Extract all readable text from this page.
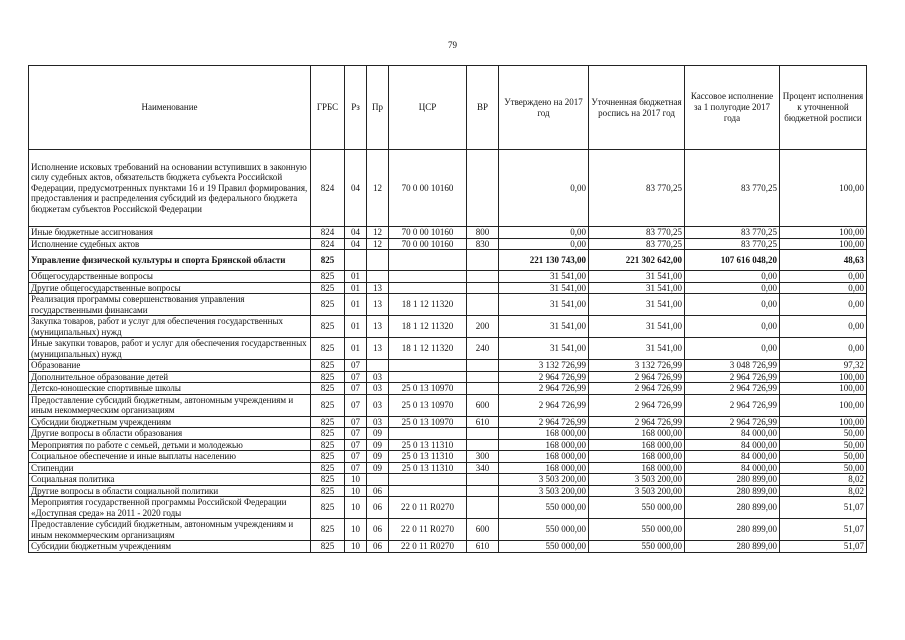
79
Наименование	ГРБС	Рз	Пр	ЦСР	ВР	Утверждено на 2017 год	Уточненная бюджетная роспись на 2017 год	Кассовое исполнение за 1 полугодие 2017 года	Процент исполнения к уточненной бюджетной росписи
Исполнение исковых требований на основании вступивших в законную силу судебных актов, обязательств бюджета субъекта Российской Федерации, предусмотренных пунктами 16 и 19 Правил формирования, предоставления и распределения субсидий из федерального бюджета бюджетам субъектов Российской Федерации	824	04	12	70 0 00 10160		0,00	83 770,25	83 770,25	100,00
Иные бюджетные ассигнования	824	04	12	70 0 00 10160	800	0,00	83 770,25	83 770,25	100,00
Исполнение судебных актов	824	04	12	70 0 00 10160	830	0,00	83 770,25	83 770,25	100,00
Управление физической культуры и спорта Брянской области	825					221 130 743,00	221 302 642,00	107 616 048,20	48,63
Общегосударственные вопросы	825	01				31 541,00	31 541,00	0,00	0,00
Другие общегосударственные вопросы	825	01	13			31 541,00	31 541,00	0,00	0,00
Реализация программы совершенствования управления государственными финансами	825	01	13	18 1 12 11320		31 541,00	31 541,00	0,00	0,00
Закупка товаров, работ и услуг для обеспечения государственных (муниципальных) нужд	825	01	13	18 1 12 11320	200	31 541,00	31 541,00	0,00	0,00
Иные закупки товаров, работ и услуг для обеспечения государственных (муниципальных) нужд	825	01	13	18 1 12 11320	240	31 541,00	31 541,00	0,00	0,00
Образование	825	07				3 132 726,99	3 132 726,99	3 048 726,99	97,32
Дополнительное образование детей	825	07	03			2 964 726,99	2 964 726,99	2 964 726,99	100,00
Детско-юношеские спортивные школы	825	07	03	25 0 13 10970		2 964 726,99	2 964 726,99	2 964 726,99	100,00
Предоставление субсидий бюджетным, автономным учреждениям и иным некоммерческим организациям	825	07	03	25 0 13 10970	600	2 964 726,99	2 964 726,99	2 964 726,99	100,00
Субсидии бюджетным учреждениям	825	07	03	25 0 13 10970	610	2 964 726,99	2 964 726,99	2 964 726,99	100,00
Другие вопросы в области образования	825	07	09			168 000,00	168 000,00	84 000,00	50,00
Мероприятия по работе с семьей, детьми и молодежью	825	07	09	25 0 13 11310		168 000,00	168 000,00	84 000,00	50,00
Социальное обеспечение и иные выплаты населению	825	07	09	25 0 13 11310	300	168 000,00	168 000,00	84 000,00	50,00
Стипендии	825	07	09	25 0 13 11310	340	168 000,00	168 000,00	84 000,00	50,00
Социальная политика	825	10				3 503 200,00	3 503 200,00	280 899,00	8,02
Другие вопросы в области социальной политики	825	10	06			3 503 200,00	3 503 200,00	280 899,00	8,02
Мероприятия государственной программы Российской Федерации «Доступная среда» на 2011 - 2020 годы	825	10	06	22 0 11 R0270		550 000,00	550 000,00	280 899,00	51,07
Предоставление субсидий бюджетным, автономным учреждениям и иным некоммерческим организациям	825	10	06	22 0 11 R0270	600	550 000,00	550 000,00	280 899,00	51,07
Субсидии бюджетным учреждениям	825	10	06	22 0 11 R0270	610	550 000,00	550 000,00	280 899,00	51,07
